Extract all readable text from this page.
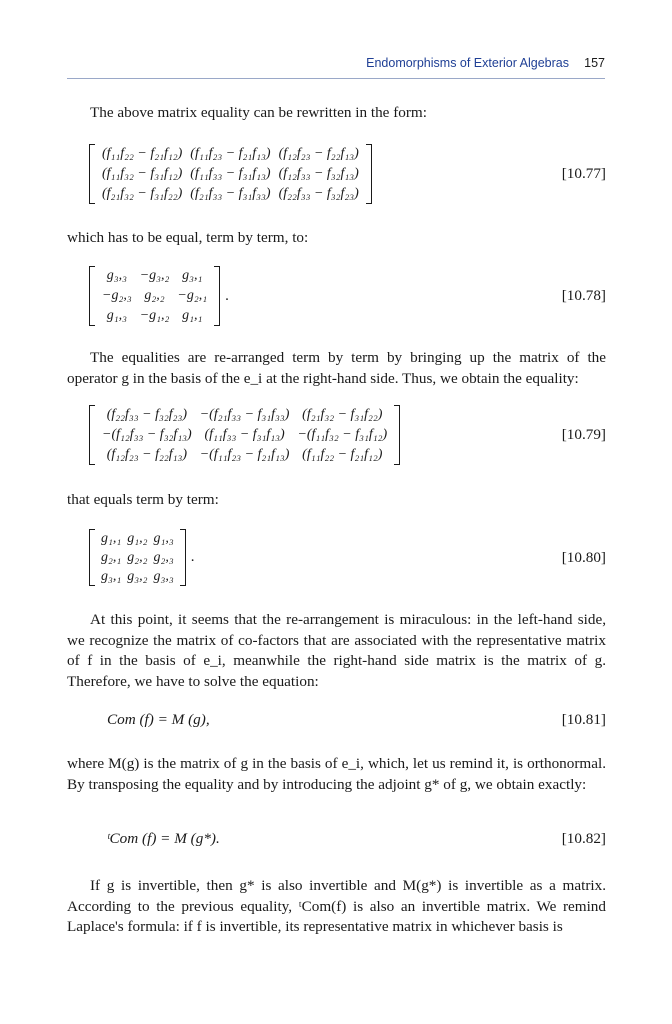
Endomorphisms of Exterior Algebras 157

The above matrix equality can be rewritten in the form:

(f₁₁f₂₂ − f₂₁f₁₂)	(f₁₁f₂₃ − f₂₁f₁₃)	(f₁₂f₂₃ − f₂₂f₁₃)
(f₁₁f₃₂ − f₃₁f₁₂)	(f₁₁f₃₃ − f₃₁f₁₃)	(f₁₂f₃₃ − f₃₂f₁₃)
(f₂₁f₃₂ − f₃₁f₂₂)	(f₂₁f₃₃ − f₃₁f₃₃)	(f₂₂f₃₃ − f₃₂f₂₃)
[10.77]

which has to be equal, term by term, to:

g₃,₃	−g₃,₂	g₃,₁
−g₂,₃	g₂,₂	−g₂,₁
g₁,₃	−g₁,₂	g₁,₁
.	[10.78]

The equalities are re-arranged term by term by bringing up the matrix of the operator g in the basis of the e_i at the right-hand side. Thus, we obtain the equality:

(f₂₂f₃₃ − f₃₂f₂₃)	−(f₂₁f₃₃ − f₃₁f₃₃)	(f₂₁f₃₂ − f₃₁f₂₂)
−(f₁₂f₃₃ − f₃₂f₁₃)	(f₁₁f₃₃ − f₃₁f₁₃)	−(f₁₁f₃₂ − f₃₁f₁₂)
(f₁₂f₂₃ − f₂₂f₁₃)	−(f₁₁f₂₃ − f₂₁f₁₃)	(f₁₁f₂₂ − f₂₁f₁₂)
[10.79]

that equals term by term:

g₁,₁	g₁,₂	g₁,₃
g₂,₁	g₂,₂	g₂,₃
g₃,₁	g₃,₂	g₃,₃
.	[10.80]

At this point, it seems that the re-arrangement is miraculous: in the left-hand side, we recognize the matrix of co-factors that are associated with the representative matrix of f in the basis of e_i, meanwhile the right-hand side matrix is the matrix of g. Therefore, we have to solve the equation:

Com (f) = M (g),	[10.81]

where M(g) is the matrix of g in the basis of e_i, which, let us remind it, is orthonormal. By transposing the equality and by introducing the adjoint g* of g, we obtain exactly:

ᵗCom (f) = M (g*).	[10.82]

If g is invertible, then g* is also invertible and M(g*) is invertible as a matrix. According to the previous equality, ᵗCom(f) is also an invertible matrix. We remind Laplace's formula: if f is invertible, its representative matrix in whichever basis is
